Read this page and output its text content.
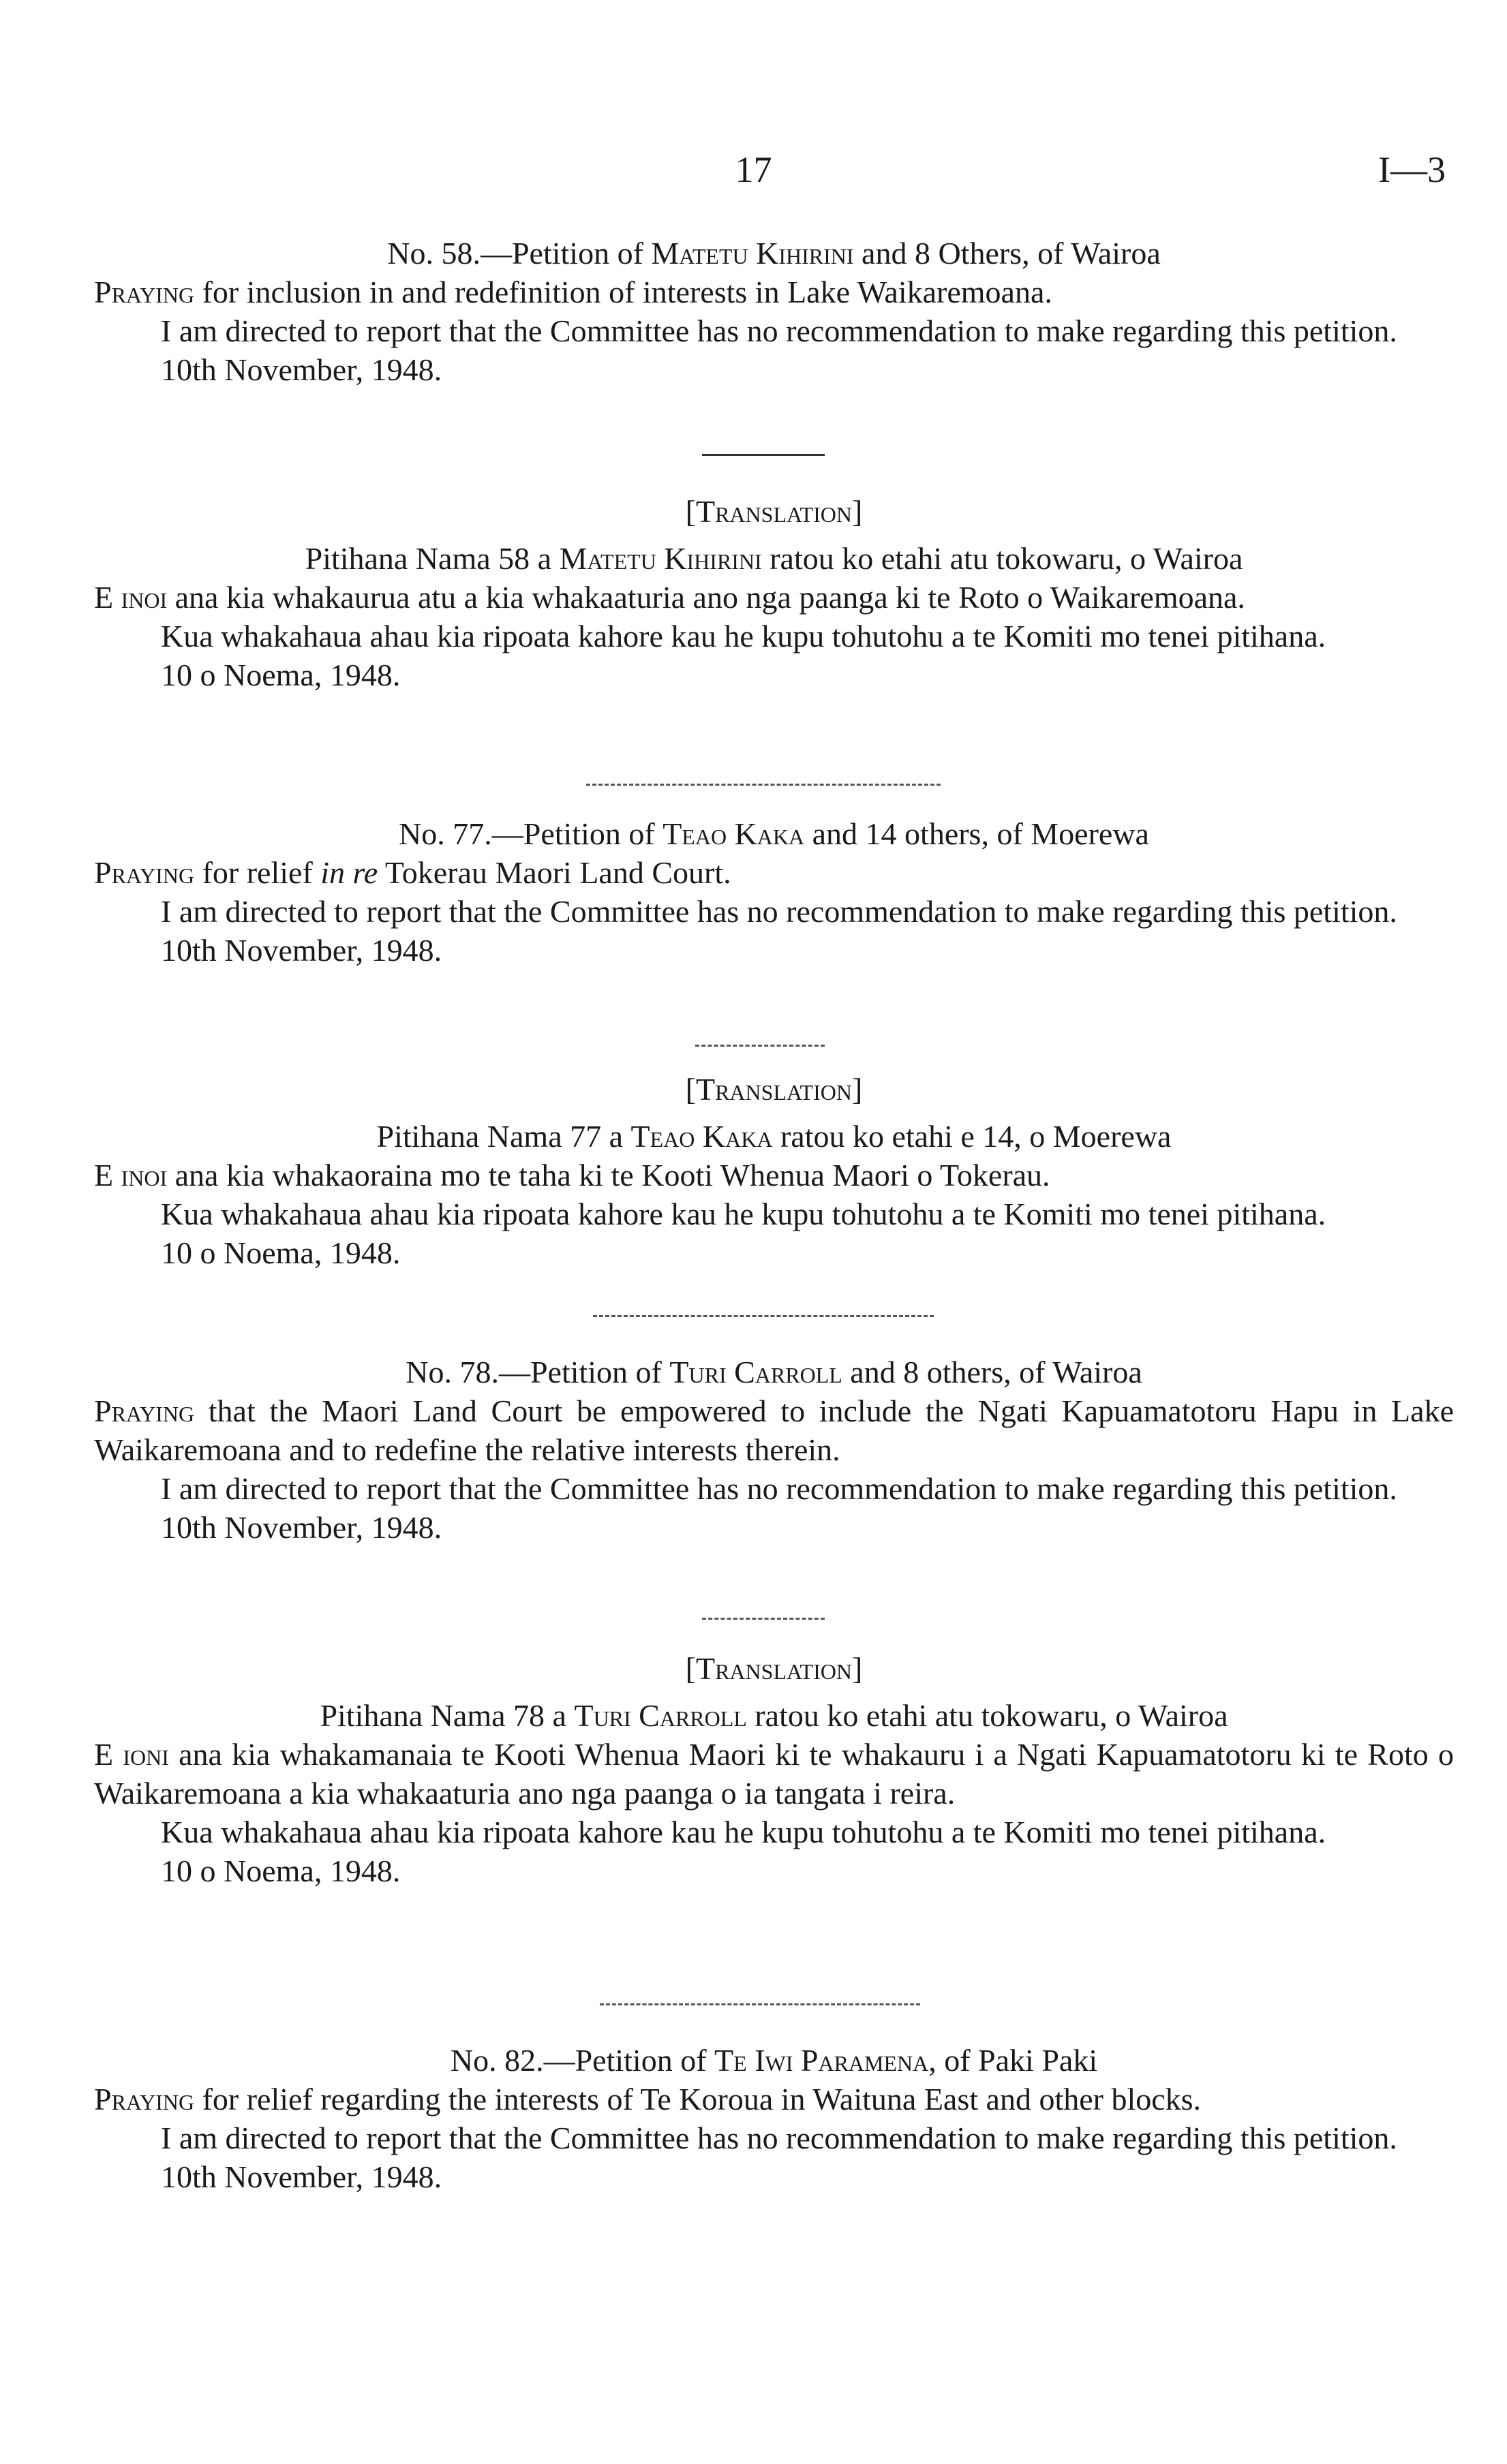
17	I—3

No. 58.—Petition of Matetu Kihirini and 8 Others, of Wairoa

Praying for inclusion in and redefinition of interests in Lake Waikaremoana.

I am directed to report that the Committee has no recommendation to make regarding this petition.

10th November, 1948.

[Translation]

Pitihana Nama 58 a Matetu Kihirini ratou ko etahi atu tokowaru, o Wairoa

E inoi ana kia whakaurua atu a kia whakaaturia ano nga paanga ki te Roto o Waikaremoana.

Kua whakahaua ahau kia ripoata kahore kau he kupu tohutohu a te Komiti mo tenei pitihana.

10 o Noema, 1948.

No. 77.—Petition of Teao Kaka and 14 others, of Moerewa

Praying for relief in re Tokerau Maori Land Court.

I am directed to report that the Committee has no recommendation to make regarding this petition.

10th November, 1948.

[Translation]

Pitihana Nama 77 a Teao Kaka ratou ko etahi e 14, o Moerewa

E inoi ana kia whakaoraina mo te taha ki te Kooti Whenua Maori o Tokerau.

Kua whakahaua ahau kia ripoata kahore kau he kupu tohutohu a te Komiti mo tenei pitihana.

10 o Noema, 1948.

No. 78.—Petition of Turi Carroll and 8 others, of Wairoa

Praying that the Maori Land Court be empowered to include the Ngati Kapuamatotoru Hapu in Lake Waikaremoana and to redefine the relative interests therein.

I am directed to report that the Committee has no recommendation to make regarding this petition.

10th November, 1948.

[Translation]

Pitihana Nama 78 a Turi Carroll ratou ko etahi atu tokowaru, o Wairoa

E ioni ana kia whakamanaia te Kooti Whenua Maori ki te whakauru i a Ngati Kapuamatotoru ki te Roto o Waikaremoana a kia whakaaturia ano nga paanga o ia tangata i reira.

Kua whakahaua ahau kia ripoata kahore kau he kupu tohutohu a te Komiti mo tenei pitihana.

10 o Noema, 1948.

No. 82.—Petition of Te Iwi Paramena, of Paki Paki

Praying for relief regarding the interests of Te Koroua in Waituna East and other blocks.

I am directed to report that the Committee has no recommendation to make regarding this petition.

10th November, 1948.
